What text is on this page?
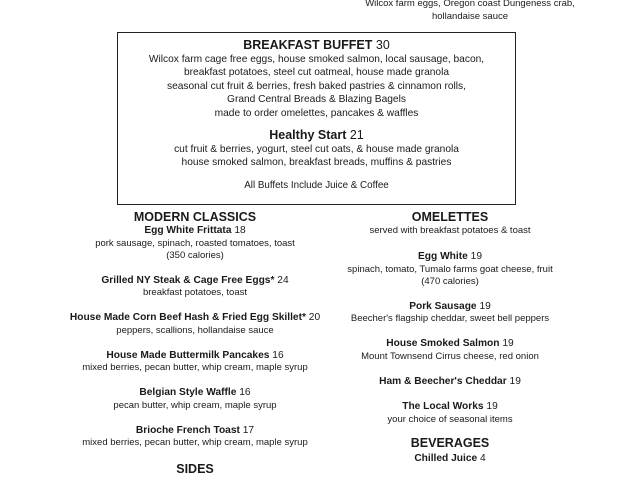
Wilcox farm eggs, Oregon coast Dungeness crab,
hollandaise sauce
BREAKFAST BUFFET 30
Wilcox farm cage free eggs, house smoked salmon, local sausage, bacon,
breakfast potatoes, steel cut oatmeal, house made granola
seasonal cut fruit & berries, fresh baked pastries & cinnamon rolls,
Grand Central Breads & Blazing Bagels
made to order omelettes, pancakes & waffles
Healthy Start 21
cut fruit & berries, yogurt, steel cut oats, & house made granola
house smoked salmon, breakfast breads, muffins & pastries
All Buffets Include Juice & Coffee
MODERN CLASSICS
Egg White Frittata 18
pork sausage, spinach, roasted tomatoes, toast
(350 calories)
Grilled NY Steak & Cage Free Eggs* 24
breakfast potatoes, toast
House Made Corn Beef Hash & Fried Egg Skillet* 20
peppers, scallions, hollandaise sauce
House Made Buttermilk Pancakes 16
mixed berries, pecan butter, whip cream, maple syrup
Belgian Style Waffle 16
pecan butter, whip cream, maple syrup
Brioche French Toast 17
mixed berries, pecan butter, whip cream, maple syrup
OMELETTES
served with breakfast potatoes & toast
Egg White 19
spinach, tomato, Tumalo farms goat cheese, fruit
(470 calories)
Pork Sausage 19
Beecher's flagship cheddar, sweet bell peppers
House Smoked Salmon 19
Mount Townsend Cirrus cheese, red onion
Ham & Beecher's Cheddar 19
The Local Works 19
your choice of seasonal items
BEVERAGES
Chilled Juice 4
SIDES
